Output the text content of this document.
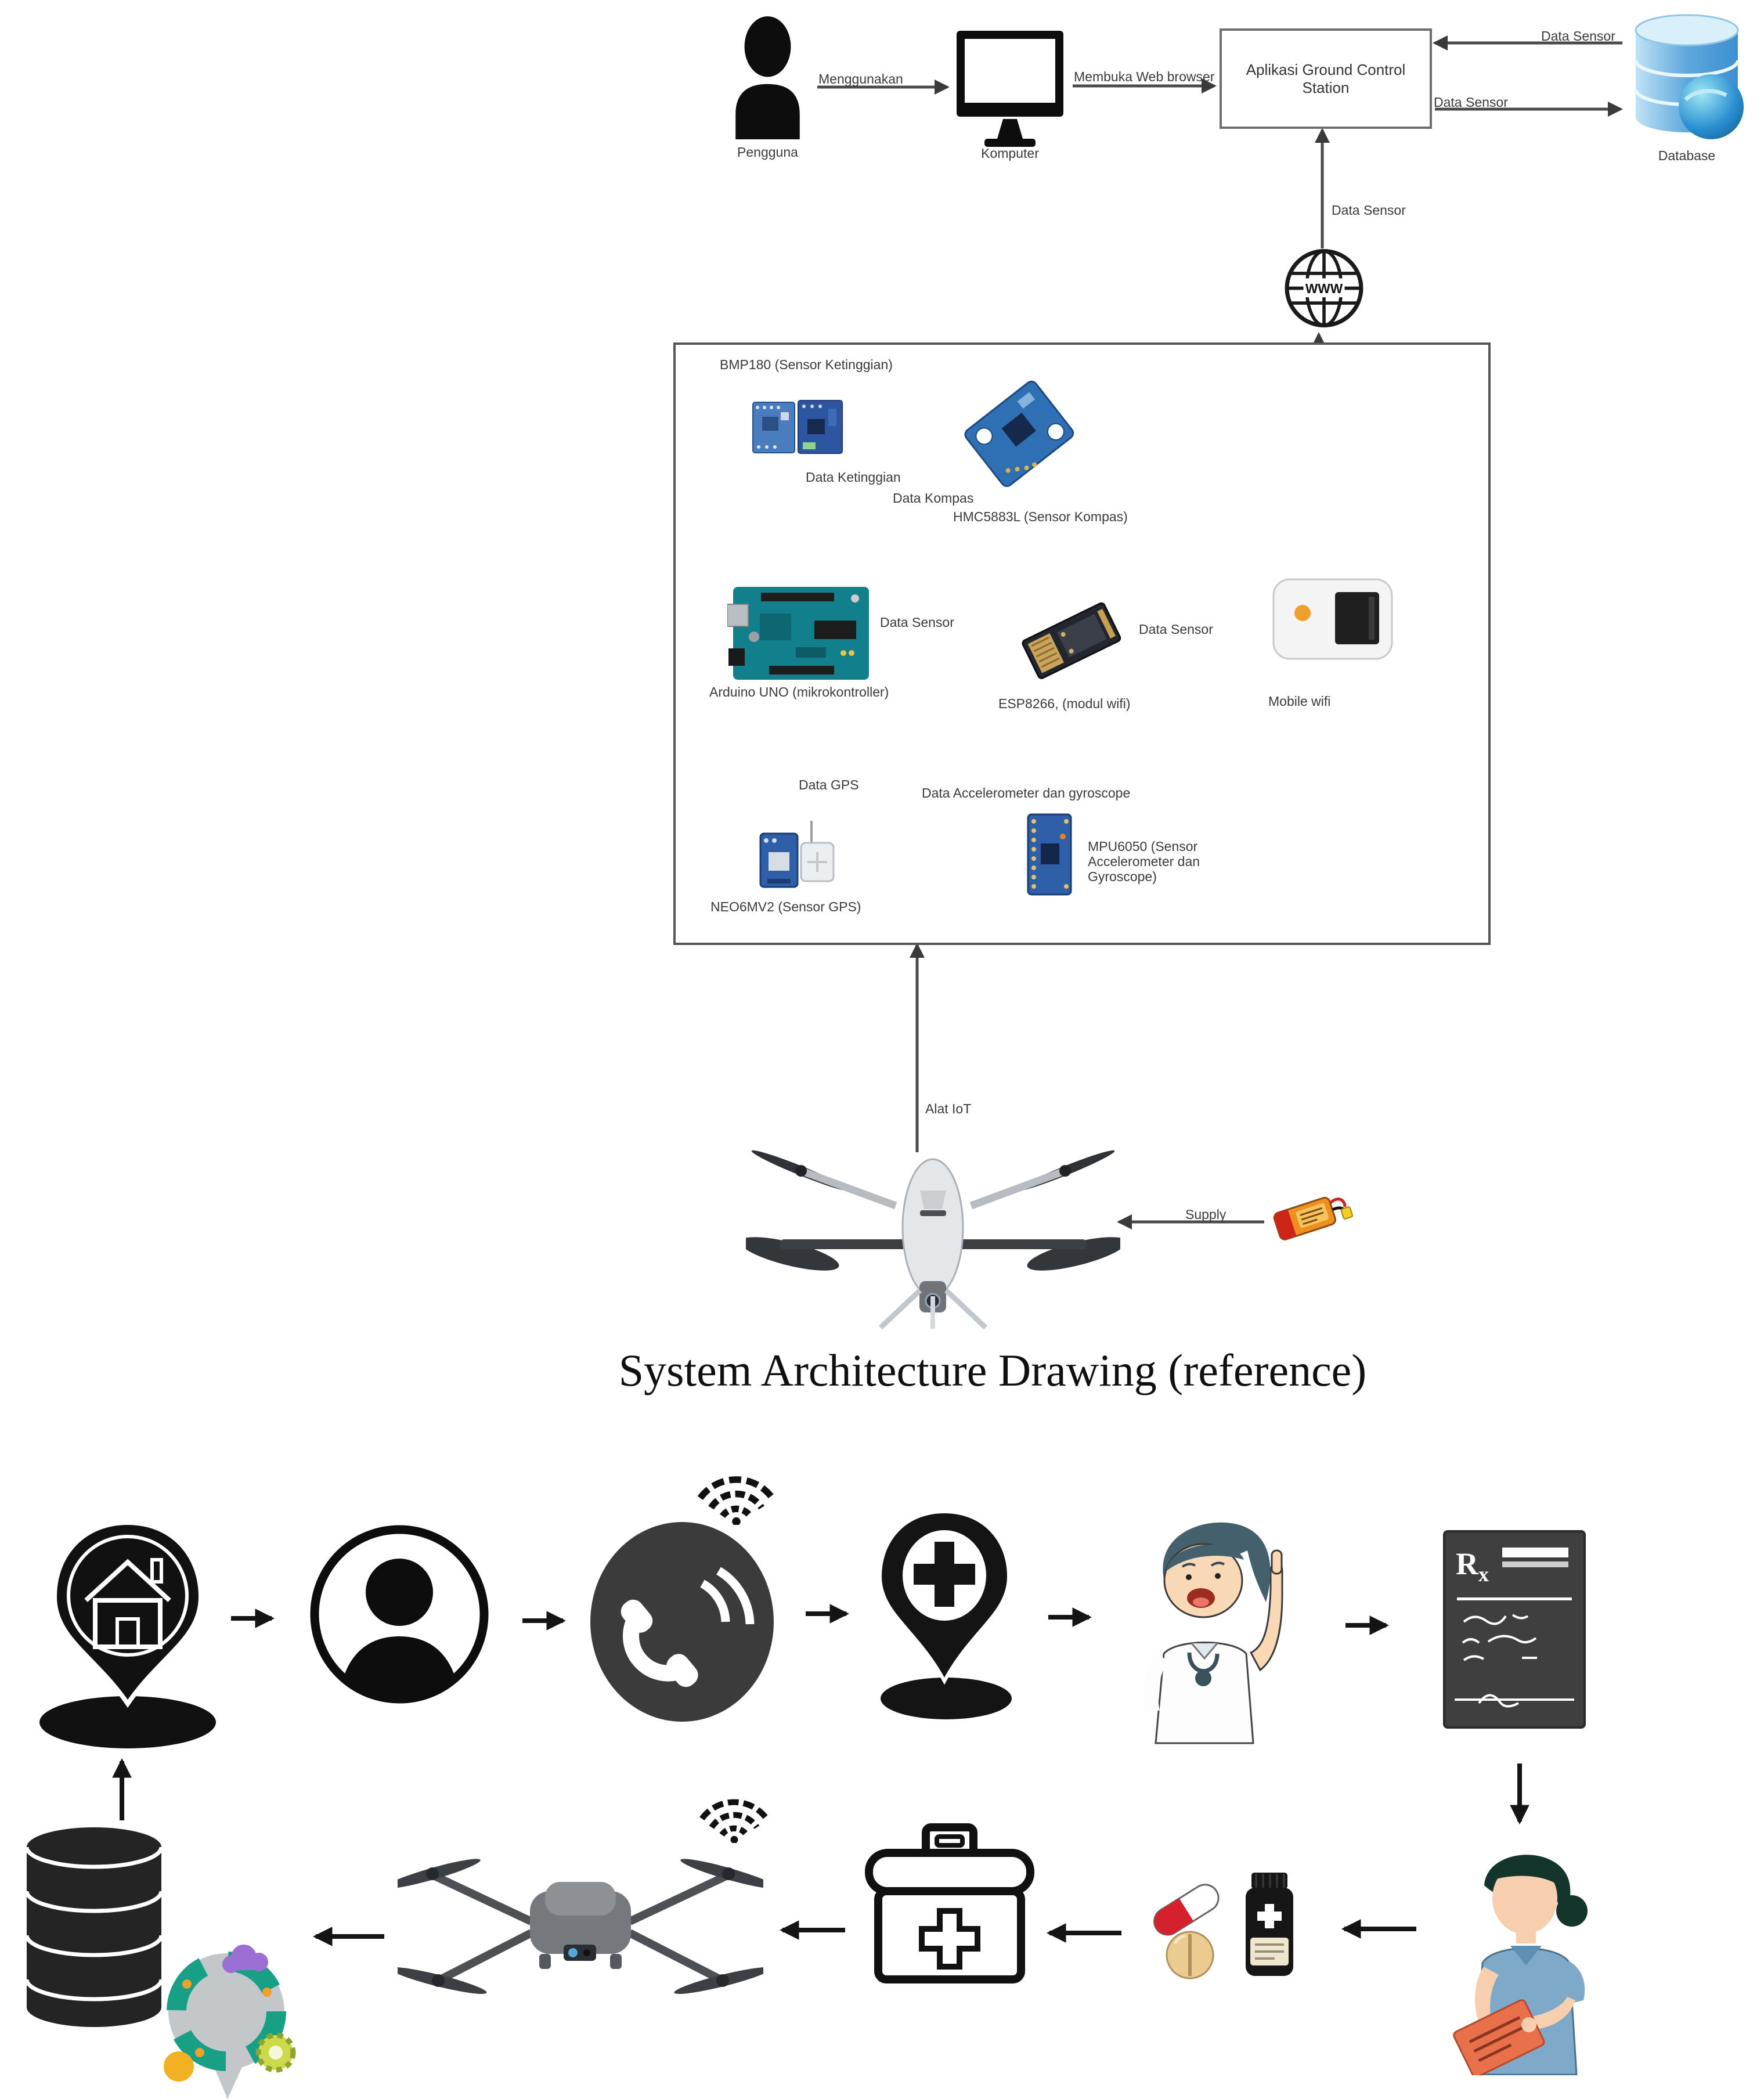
Pengguna
Menggunakan
Komputer
Membuka Web browser	Aplikasi Ground Control Station
Data Sensor
Data Sensor
Database
Data Sensor
WWW
BMP180 (Sensor Ketinggian)
Data Ketinggian
Data Kompas
HMC5883L (Sensor Kompas)
Arduino UNO (mikrokontroller)
Data Sensor
ESP8266, (modul wifi)
Data Sensor
Mobile wifi
Data GPS
NEO6MV2 (Sensor GPS)
Data Accelerometer dan gyroscope
MPU6050 (Sensor Accelerometer dan Gyroscope)
Alat IoT
Supply
System Architecture Drawing (reference)
$R_x$
